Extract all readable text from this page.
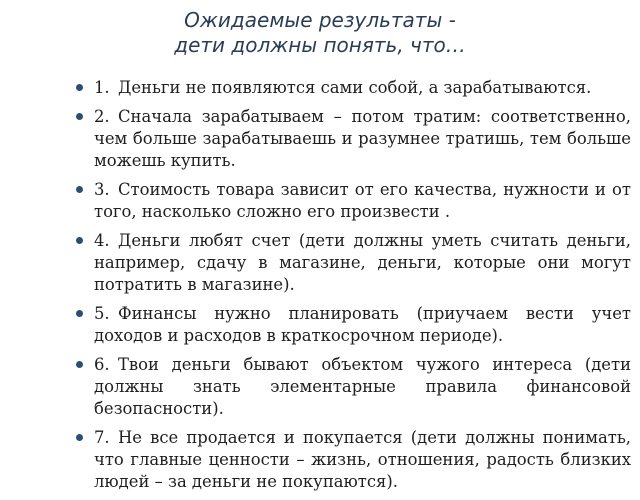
Ожидаемые результаты -
дети должны понять, что…
1. Деньги не появляются сами собой, а зарабатываются.
2. Сначала зарабатываем – потом тратим: соответственно, чем больше зарабатываешь и разумнее тратишь, тем больше можешь купить.
3. Стоимость товара зависит от его качества, нужности и от того, насколько сложно его произвести .
4. Деньги любят счет (дети должны уметь считать деньги, например, сдачу в магазине, деньги, которые они могут потратить в магазине).
5. Финансы нужно планировать (приучаем вести учет доходов и расходов в краткосрочном периоде).
6. Твои деньги бывают объектом чужого интереса (дети должны знать элементарные правила финансовой безопасности).
7. Не все продается и покупается (дети должны понимать, что главные ценности – жизнь, отношения, радость близких людей – за деньги не покупаются).
